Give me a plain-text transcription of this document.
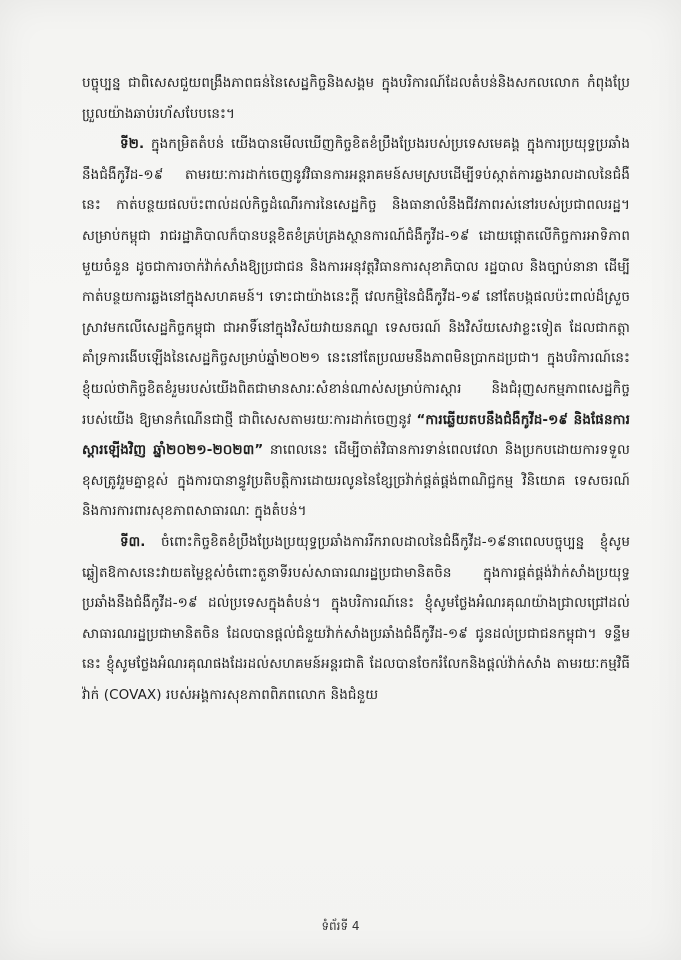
បច្ចុប្បន្ន ជាពិសេសជួយពង្រឹងភាពធន់នៃសេដ្ឋកិច្ចនិងសង្គម ក្នុងបរិការណ៍ដែលតំបន់និងសកលលោក កំពុងប្រែប្រួលយ៉ាងឆាប់រហ័សបែបនេះ។

ទី២. ក្នុងកម្រិតតំបន់ យើងបានមើលឃើញកិច្ចខិតខំប្រឹងប្រែងរបស់ប្រទេសមេគង្គ ក្នុងការប្រយុទ្ធប្រឆាំងនឹងជំងឺកូវីដ-១៩ តាមរយៈការដាក់ចេញនូវវិធានការអន្តរាគមន៍សមស្របដើម្បីទប់ស្កាត់ការឆ្លងរាលដាលនៃជំងឺនេះ កាត់បន្ថយផលប៉ះពាល់ដល់កិច្ចដំណើរការនៃសេដ្ឋកិច្ច និងធានាលំនឹងជីវភាពរស់នៅរបស់ប្រជាពលរដ្ឋ។ សម្រាប់កម្ពុជា រាជរដ្ឋាភិបាលក៏បានបន្តខិតខំគ្រប់គ្រងស្ថានការណ៍ជំងឺកូវីដ-១៩ ដោយផ្តោតលើកិច្ចការអាទិភាពមួយចំនួន ដូចជាការចាក់វ៉ាក់សាំងឱ្យប្រជាជន និងការអនុវត្តវិធានការសុខាភិបាល រដ្ឋបាល និងច្បាប់នានា ដើម្បីកាត់បន្ថយការឆ្លងនៅក្នុងសហគមន៍។ ទោះជាយ៉ាងនេះក្តី វេលកម្មិនៃជំងឺកូវីដ-១៩ នៅតែបង្កផលប៉ះពាល់ដ៏ស្រួចស្រាវមកលើសេដ្ឋកិច្ចកម្ពុជា ជាអាទិ៍នៅក្នុងវិស័យវាយនភណ្ឌ ទេសចរណ៍ និងវិស័យសេវាខ្លះទៀត ដែលជាកត្តាគាំទ្រការងើបឡើងនៃសេដ្ឋកិច្ចសម្រាប់ឆ្នាំ២០២១ នេះនៅតែប្រឈមនឹងភាពមិនប្រាកដប្រជា។ ក្នុងបរិការណ៍នេះ ខ្ញុំយល់ថាកិច្ចខិតខំរួមរបស់យើងពិតជាមានសារៈសំខាន់ណាស់សម្រាប់ការស្តារ និងជំរុញសកម្មភាពសេដ្ឋកិច្ចរបស់យើង ឱ្យមានកំណើនជាថ្មី ជាពិសេសតាមរយៈការដាក់ចេញនូវ “ការឆ្លើយតបនឹងជំងឺកូវីដ-១៩ និងផែនការស្តារឡើងវិញ ឆ្នាំ២០២១-២០២៣” នាពេលនេះ ដើម្បីចាត់វិធានការទាន់ពេលវេលា និងប្រកបដោយការទទួលខុសត្រូវរួមគ្នាខ្ពស់ ក្នុងការបានាន្ធូវប្រតិបត្តិការដោយរលូននៃខ្សែច្រវ៉ាក់ផ្គត់ផ្គង់ពាណិជ្ជកម្ម វិនិយោគ ទេសចរណ៍ និងការការពារសុខភាពសាធារណៈ ក្នុងតំបន់។

ទី៣. ចំពោះកិច្ចខិតខំប្រឹងប្រែងប្រយុទ្ធប្រឆាំងការរីករាលដាលនៃជំងឺកូវីដ-១៩នាពេលបច្ចុប្បន្ន ខ្ញុំសូមឆ្លៀតឱកាសនេះវាយតម្លៃខ្ពស់ចំពោះតួនាទីរបស់សាធារណរដ្ឋប្រជាមានិតចិន ក្នុងការផ្គត់ផ្គង់វ៉ាក់សាំងប្រយុទ្ធប្រឆាំងនឹងជំងឺកូវីដ-១៩ ដល់ប្រទេសក្នុងតំបន់។ ក្នុងបរិការណ៍នេះ ខ្ញុំសូមថ្លែងអំណរគុណយ៉ាងជ្រាលជ្រៅដល់សាធារណរដ្ឋប្រជាមានិតចិន ដែលបានផ្តល់ជំនួយវ៉ាក់សាំងប្រឆាំងជំងឺកូវីដ-១៩ ជូនដល់ប្រជាជនកម្ពុជា។ ទន្ទឹមនេះ ខ្ញុំសូមថ្លែងអំណរគុណផងដែរដល់សហគមន៍អន្តរជាតិ ដែលបានចែករំលែកនិងផ្តល់វ៉ាក់សាំង តាមរយៈកម្មវិធីវ៉ាក់ (COVAX) របស់អង្គការសុខភាពពិភពលោក និងជំនួយ

ទំព័រទី 4
